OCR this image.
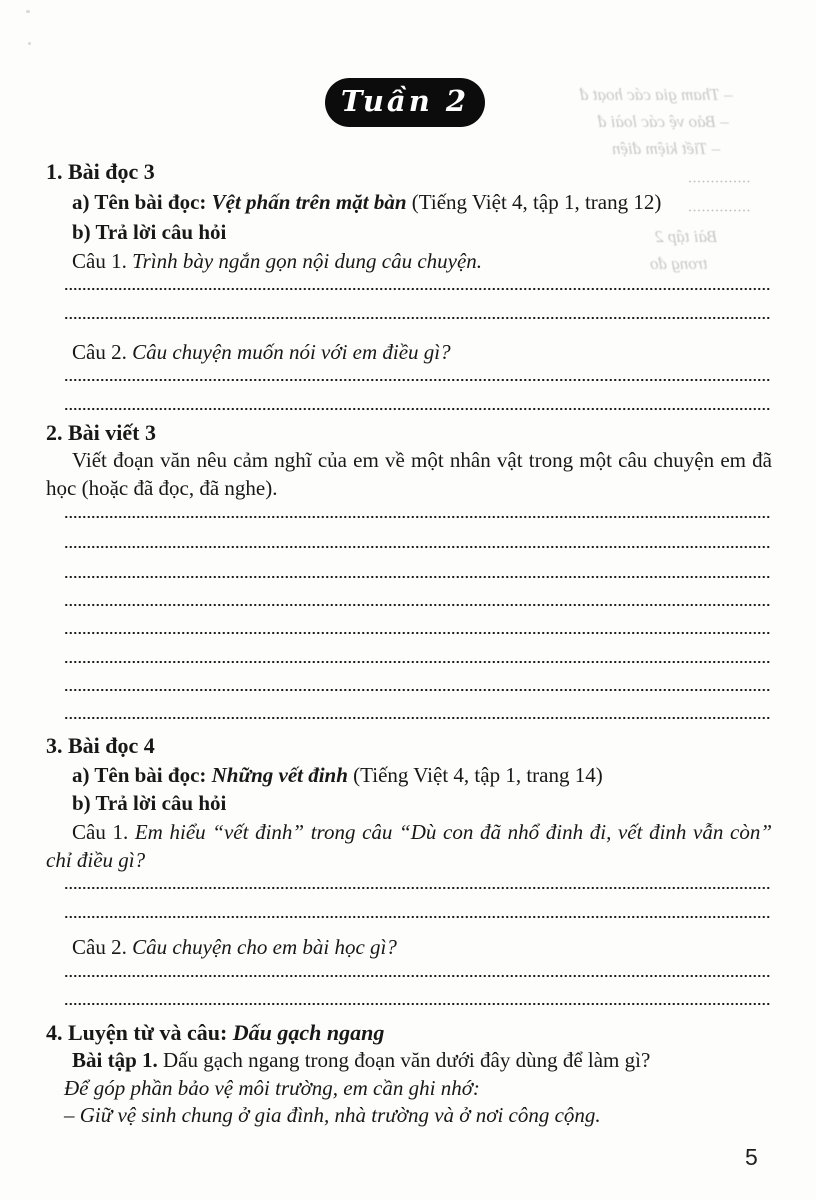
– Tham gia các hoạt đ
– Bảo vệ các loài đ
– Tiết kiệm điện
Bài tập 2
trong đo
Tuần 2

1. Bài đọc 3

a) Tên bài đọc: Vệt phấn trên mặt bàn (Tiếng Việt 4, tập 1, trang 12)

b) Trả lời câu hỏi

Câu 1. Trình bày ngắn gọn nội dung câu chuyện.

Câu 2. Câu chuyện muốn nói với em điều gì?

2. Bài viết 3

Viết đoạn văn nêu cảm nghĩ của em về một nhân vật trong một câu chuyện em đã học (hoặc đã đọc, đã nghe).

3. Bài đọc 4

a) Tên bài đọc: Những vết đinh (Tiếng Việt 4, tập 1, trang 14)

b) Trả lời câu hỏi

Câu 1. Em hiểu “vết đinh” trong câu “Dù con đã nhổ đinh đi, vết đinh vẫn còn” chỉ điều gì?

Câu 2. Câu chuyện cho em bài học gì?

4. Luyện từ và câu: Dấu gạch ngang

Bài tập 1. Dấu gạch ngang trong đoạn văn dưới đây dùng để làm gì?

Để góp phần bảo vệ môi trường, em cần ghi nhớ:

– Giữ vệ sinh chung ở gia đình, nhà trường và ở nơi công cộng.

5
